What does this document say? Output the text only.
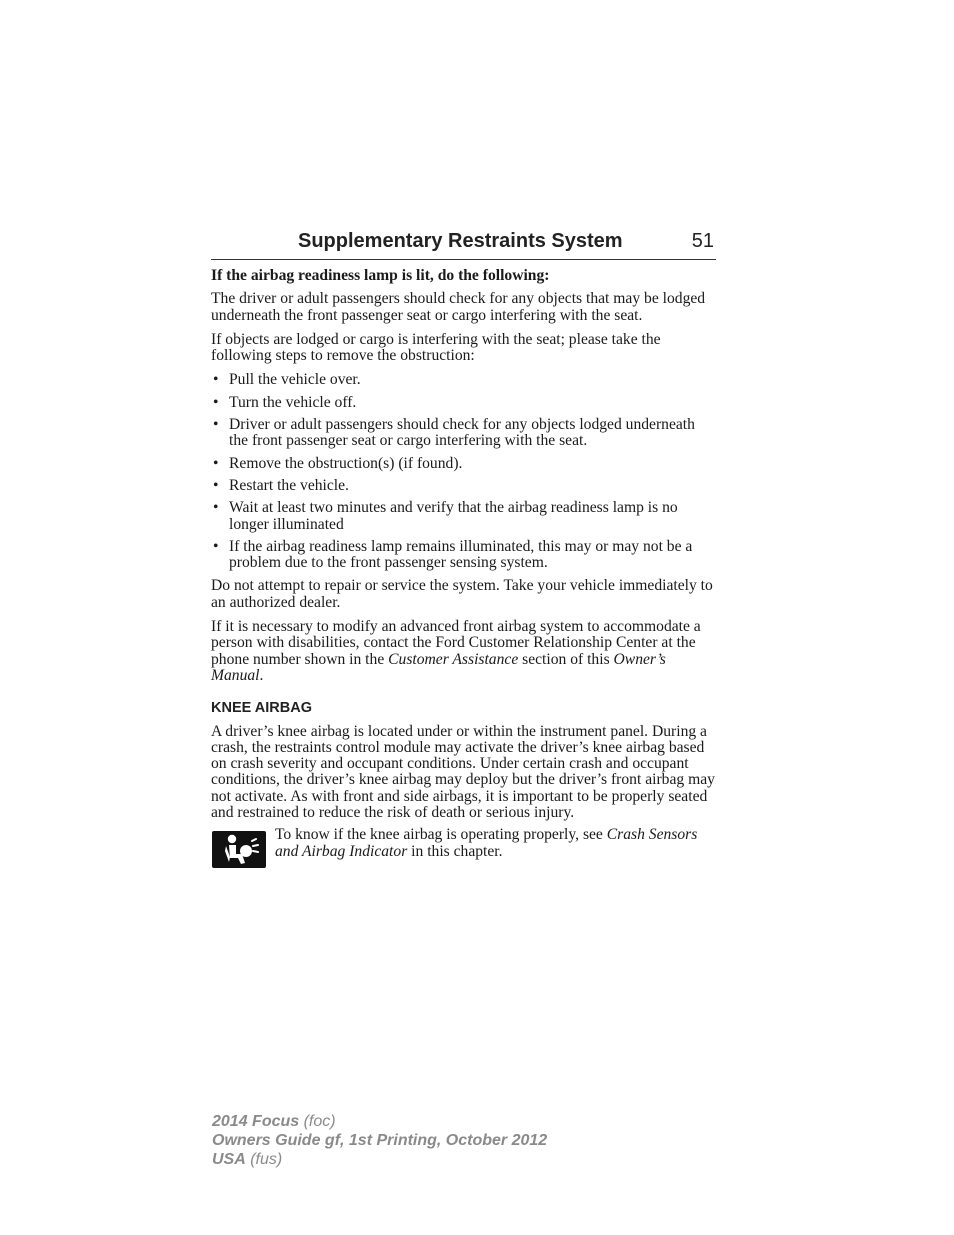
Supplementary Restraints System	51

If the airbag readiness lamp is lit, do the following:

The driver or adult passengers should check for any objects that may be lodged underneath the front passenger seat or cargo interfering with the seat.

If objects are lodged or cargo is interfering with the seat; please take the following steps to remove the obstruction:

• Pull the vehicle over.
• Turn the vehicle off.
• Driver or adult passengers should check for any objects lodged underneath the front passenger seat or cargo interfering with the seat.
• Remove the obstruction(s) (if found).
• Restart the vehicle.
• Wait at least two minutes and verify that the airbag readiness lamp is no longer illuminated
• If the airbag readiness lamp remains illuminated, this may or may not be a problem due to the front passenger sensing system.

Do not attempt to repair or service the system. Take your vehicle immediately to an authorized dealer.

If it is necessary to modify an advanced front airbag system to accommodate a person with disabilities, contact the Ford Customer Relationship Center at the phone number shown in the Customer Assistance section of this Owner’s Manual.

KNEE AIRBAG

A driver’s knee airbag is located under or within the instrument panel. During a crash, the restraints control module may activate the driver’s knee airbag based on crash severity and occupant conditions. Under certain crash and occupant conditions, the driver’s knee airbag may deploy but the driver’s front airbag may not activate. As with front and side airbags, it is important to be properly seated and restrained to reduce the risk of death or serious injury.

To know if the knee airbag is operating properly, see Crash Sensors and Airbag Indicator in this chapter.
2014 Focus (foc)
Owners Guide gf, 1st Printing, October 2012
USA (fus)
